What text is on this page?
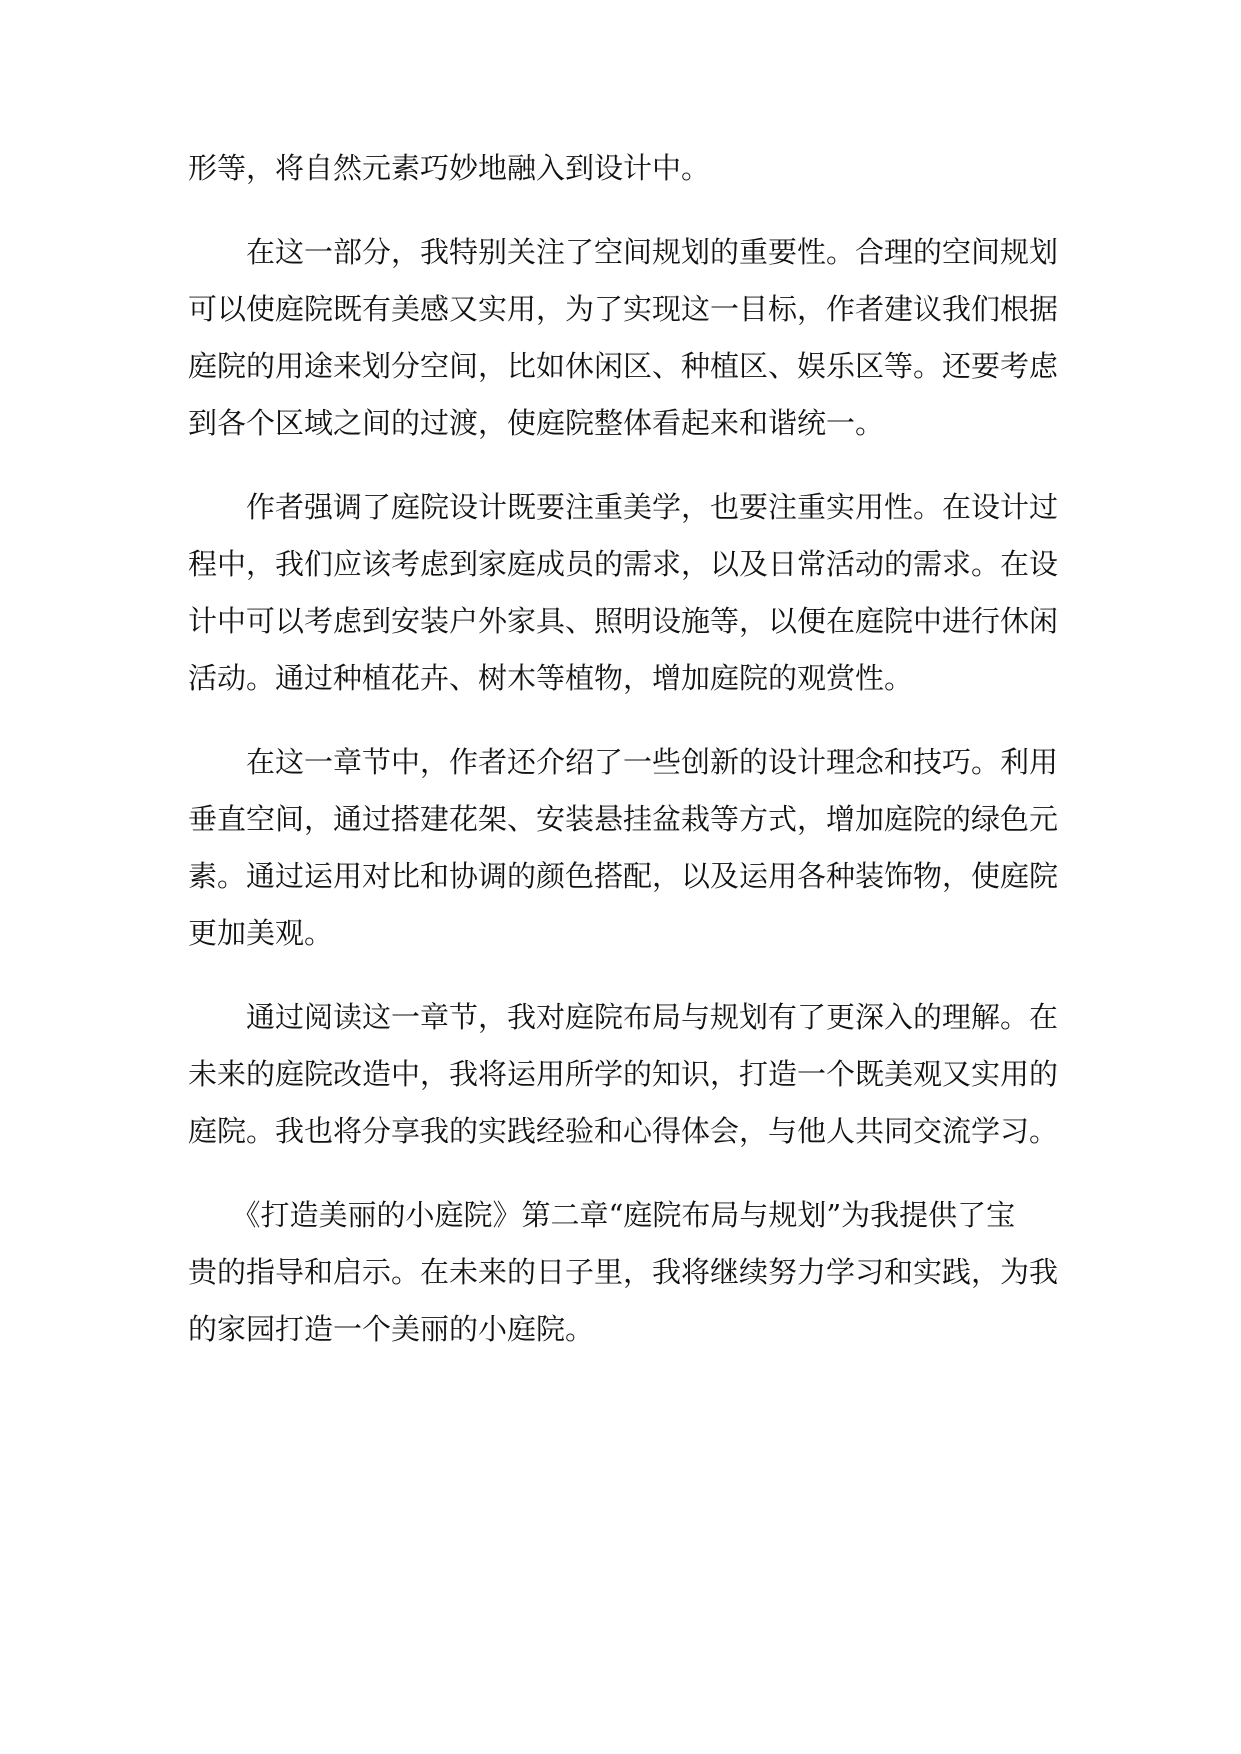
形等，将自然元素巧妙地融入到设计中。
　　在这一部分，我特别关注了空间规划的重要性。合理的空间规划
可以使庭院既有美感又实用，为了实现这一目标，作者建议我们根据
庭院的用途来划分空间，比如休闲区、种植区、娱乐区等。还要考虑
到各个区域之间的过渡，使庭院整体看起来和谐统一。
　　作者强调了庭院设计既要注重美学，也要注重实用性。在设计过
程中，我们应该考虑到家庭成员的需求，以及日常活动的需求。在设
计中可以考虑到安装户外家具、照明设施等，以便在庭院中进行休闲
活动。通过种植花卉、树木等植物，增加庭院的观赏性。
　　在这一章节中，作者还介绍了一些创新的设计理念和技巧。利用
垂直空间，通过搭建花架、安装悬挂盆栽等方式，增加庭院的绿色元
素。通过运用对比和协调的颜色搭配，以及运用各种装饰物，使庭院
更加美观。
　　通过阅读这一章节，我对庭院布局与规划有了更深入的理解。在
未来的庭院改造中，我将运用所学的知识，打造一个既美观又实用的
庭院。我也将分享我的实践经验和心得体会，与他人共同交流学习。
　　《打造美丽的小庭院》第二章“庭院布局与规划”为我提供了宝
贵的指导和启示。在未来的日子里，我将继续努力学习和实践，为我
的家园打造一个美丽的小庭院。
